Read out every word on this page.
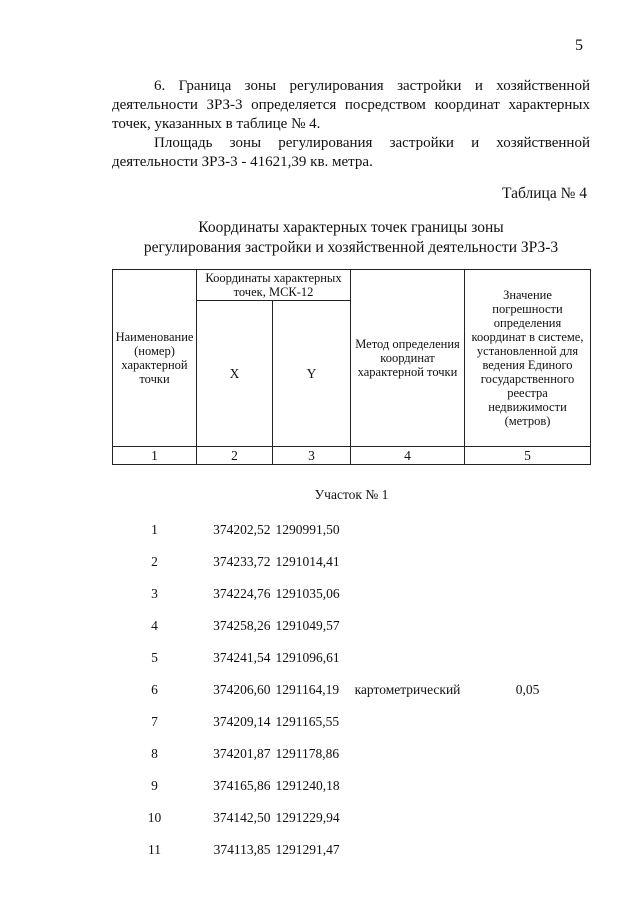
5
6. Граница зоны регулирования застройки и хозяйственной деятельности ЗРЗ-3 определяется посредством координат характерных точек, указанных в таблице № 4.
Площадь зоны регулирования застройки и хозяйственной деятельности ЗРЗ-3 - 41621,39 кв. метра.
Таблица № 4
Координаты характерных точек границы зоны
регулирования застройки и хозяйственной деятельности ЗРЗ-3
Наименование (номер) характерной точки	Координаты характерных точек, МСК-12		Метод определения координат характерной точки	Значение погрешности определения координат в системе, установленной для ведения Единого государственного реестра недвижимости (метров)
	X	Y		
1	2	3	4	5
Участок № 1				
1	374202,52	1290991,50		
2	374233,72	1291014,41		
3	374224,76	1291035,06		
4	374258,26	1291049,57		
5	374241,54	1291096,61		
6	374206,60	1291164,19	картометрический	0,05
7	374209,14	1291165,55		
8	374201,87	1291178,86		
9	374165,86	1291240,18		
10	374142,50	1291229,94		
11	374113,85	1291291,47		
